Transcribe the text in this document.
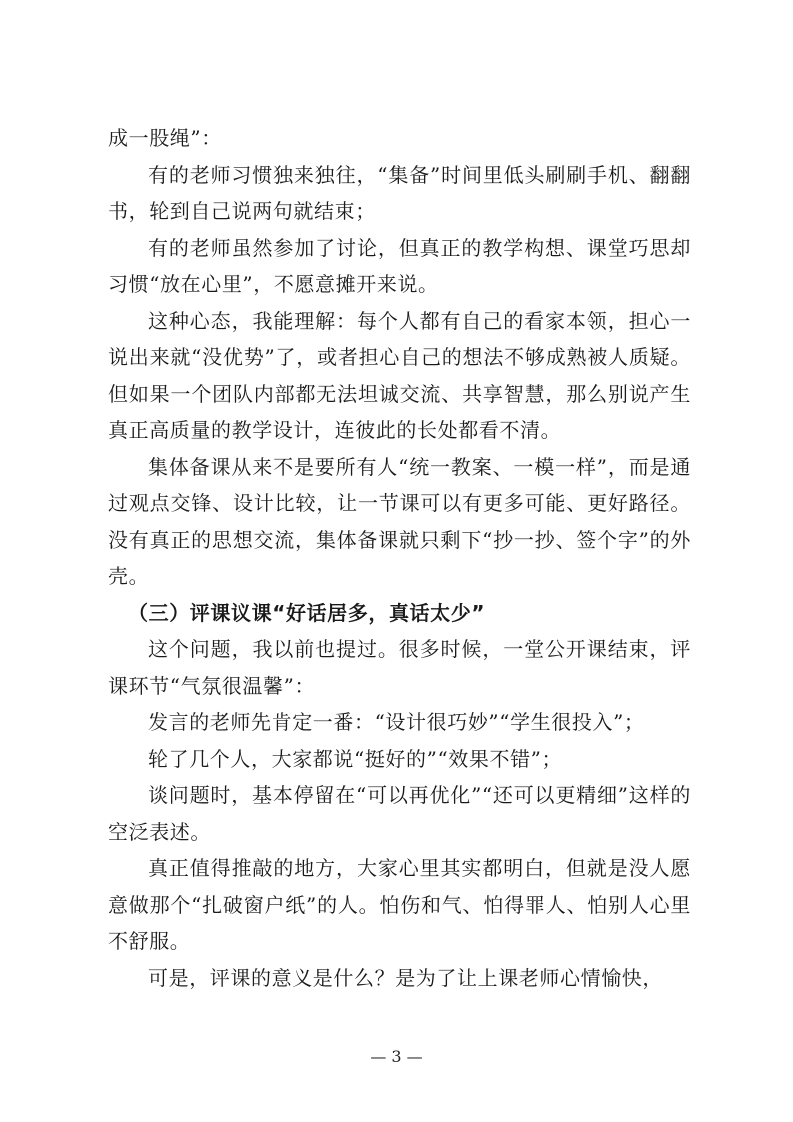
成一股绳”：

有的老师习惯独来独往，“集备”时间里低头刷刷手机、翻翻书，轮到自己说两句就结束；

有的老师虽然参加了讨论，但真正的教学构想、课堂巧思却习惯“放在心里”，不愿意摊开来说。

这种心态，我能理解：每个人都有自己的看家本领，担心一说出来就“没优势”了，或者担心自己的想法不够成熟被人质疑。但如果一个团队内部都无法坦诚交流、共享智慧，那么别说产生真正高质量的教学设计，连彼此的长处都看不清。

集体备课从来不是要所有人“统一教案、一模一样”，而是通过观点交锋、设计比较，让一节课可以有更多可能、更好路径。没有真正的思想交流，集体备课就只剩下“抄一抄、签个字”的外壳。

（三）评课议课“好话居多，真话太少”

这个问题，我以前也提过。很多时候，一堂公开课结束，评课环节“气氛很温馨”：

发言的老师先肯定一番：“设计很巧妙”“学生很投入”；

轮了几个人，大家都说“挺好的”“效果不错”；

谈问题时，基本停留在“可以再优化”“还可以更精细”这样的空泛表述。

真正值得推敲的地方，大家心里其实都明白，但就是没人愿意做那个“扎破窗户纸”的人。怕伤和气、怕得罪人、怕别人心里不舒服。

可是，评课的意义是什么？是为了让上课老师心情愉快，

— 3 —
